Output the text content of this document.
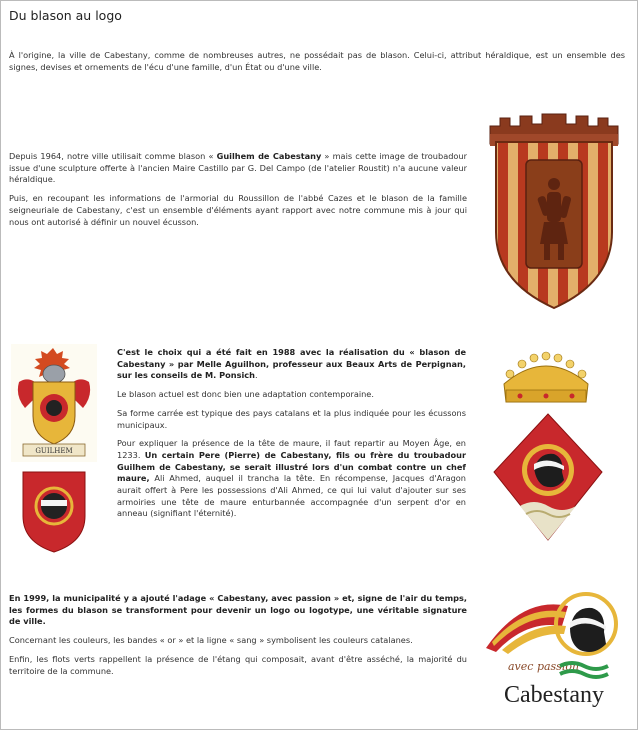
Du blason au logo
À l'origine, la ville de Cabestany, comme de nombreuses autres, ne possédait pas de blason. Celui-ci, attribut héraldique, est un ensemble des signes, devises et ornements de l'écu d'une famille, d'un État ou d'une ville.

Depuis 1964, notre ville utilisait comme blason « Guilhem de Cabestany » mais cette image de troubadour issue d'une sculpture offerte à l'ancien Maire Castillo par G. Del Campo (de l'atelier Roustit) n'a aucune valeur héraldique.

Puis, en recoupant les informations de l'armorial du Roussillon de l'abbé Cazes et le blason de la famille seigneuriale de Cabestany, c'est un ensemble d'éléments ayant rapport avec notre commune mis à jour qui nous ont autorisé à définir un nouvel écusson.

GUILHEM

C'est le choix qui a été fait en 1988 avec la réalisation du « blason de Cabestany » par Melle Aguilhon, professeur aux Beaux Arts de Perpignan, sur les conseils de M. Ponsich.

Le blason actuel est donc bien une adaptation contemporaine.

Sa forme carrée est typique des pays catalans et la plus indiquée pour les écussons municipaux.

Pour expliquer la présence de la tête de maure, il faut repartir au Moyen Âge, en 1233. Un certain Pere (Pierre) de Cabestany, fils ou frère du troubadour Guilhem de Cabestany, se serait illustré lors d'un combat contre un chef maure, Ali Ahmed, auquel il trancha la tête. En récompense, Jacques d'Aragon aurait offert à Pere les possessions d'Ali Ahmed, ce qui lui valut d'ajouter sur ses armoiries une tête de maure enturbannée accompagnée d'un serpent d'or en anneau (signifiant l'éternité).

En 1999, la municipalité y a ajouté l'adage « Cabestany, avec passion » et, signe de l'air du temps, les formes du blason se transforment pour devenir un logo ou logotype, une véritable signature de ville.

Concernant les couleurs, les bandes « or » et la ligne « sang » symbolisent les couleurs catalanes.

Enfin, les flots verts rappellent la présence de l'étang qui composait, avant d'être asséché, la majorité du territoire de la commune.	avec passion
Cabestany
